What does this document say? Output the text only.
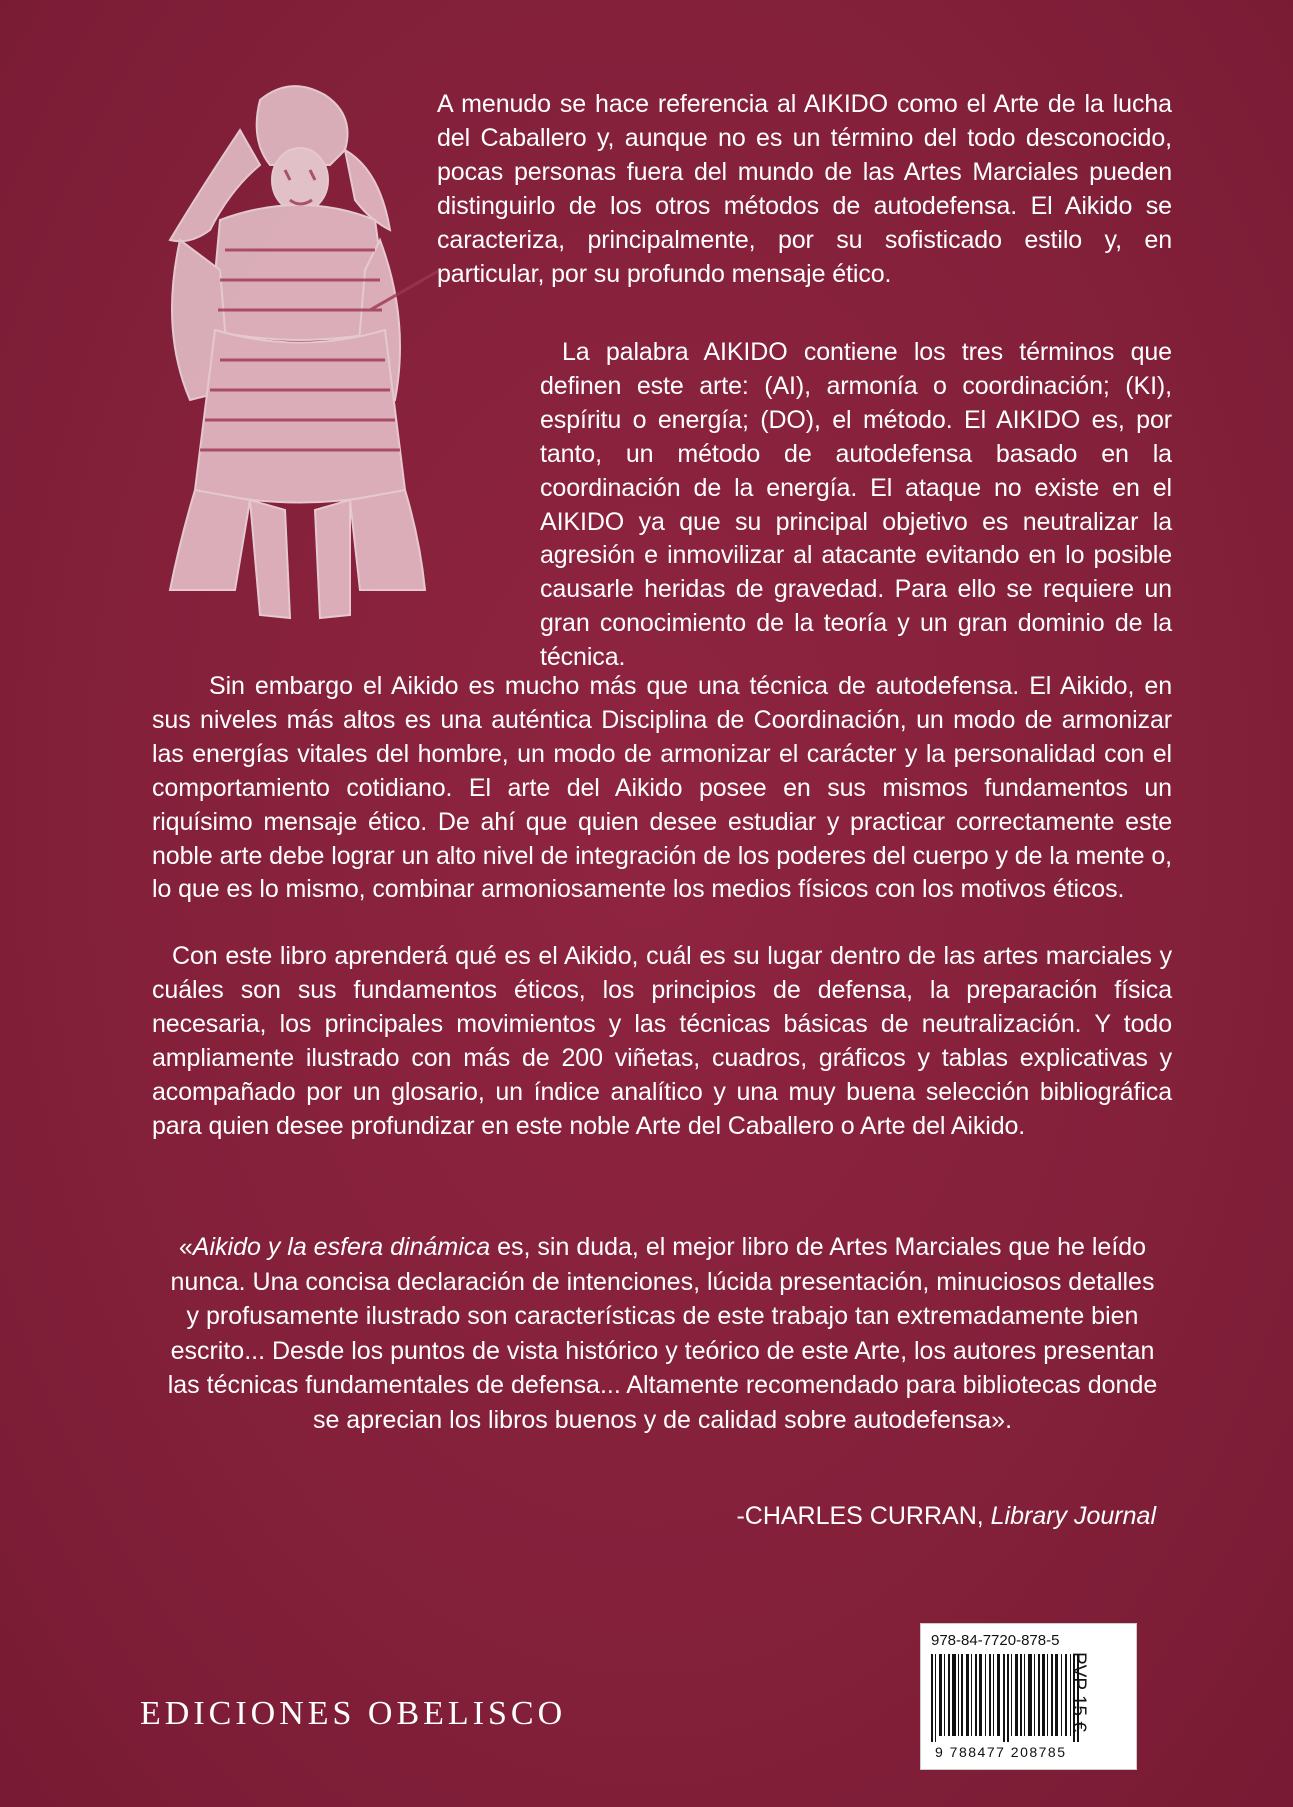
A menudo se hace referencia al AIKIDO como el Arte de la lucha del Caballero y, aunque no es un término del todo desconocido, pocas personas fuera del mundo de las Artes Marciales pueden distinguirlo de los otros métodos de autodefensa. El Aikido se caracteriza, principalmente, por su sofisticado estilo y, en particular, por su profundo mensaje ético.

La palabra AIKIDO contiene los tres términos que definen este arte: (AI), armonía o coordinación; (KI), espíritu o energía; (DO), el método. El AIKIDO es, por tanto, un método de autodefensa basado en la coordinación de la energía. El ataque no existe en el AIKIDO ya que su principal objetivo es neutralizar la agresión e inmovilizar al atacante evitando en lo posible causarle heridas de gravedad. Para ello se requiere un gran conocimiento de la teoría y un gran dominio de la técnica.

Sin embargo el Aikido es mucho más que una técnica de autodefensa. El Aikido, en sus niveles más altos es una auténtica Disciplina de Coordinación, un modo de armonizar las energías vitales del hombre, un modo de armonizar el carácter y la personalidad con el comportamiento cotidiano. El arte del Aikido posee en sus mismos fundamentos un riquísimo mensaje ético. De ahí que quien desee estudiar y practicar correctamente este noble arte debe lograr un alto nivel de integración de los poderes del cuerpo y de la mente o, lo que es lo mismo, combinar armoniosamente los medios físicos con los motivos éticos.

Con este libro aprenderá qué es el Aikido, cuál es su lugar dentro de las artes marciales y cuáles son sus fundamentos éticos, los principios de defensa, la preparación física necesaria, los principales movimientos y las técnicas básicas de neutralización. Y todo ampliamente ilustrado con más de 200 viñetas, cuadros, gráficos y tablas explicativas y acompañado por un glosario, un índice analítico y una muy buena selección bibliográfica para quien desee profundizar en este noble Arte del Caballero o Arte del Aikido.

«Aikido y la esfera dinámica es, sin duda, el mejor libro de Artes Marciales que he leído nunca. Una concisa declaración de intenciones, lúcida presentación, minuciosos detalles y profusamente ilustrado son características de este trabajo tan extremadamente bien escrito... Desde los puntos de vista histórico y teórico de este Arte, los autores presentan las técnicas fundamentales de defensa... Altamente recomendado para bibliotecas donde se aprecian los libros buenos y de calidad sobre autodefensa».
-CHARLES CURRAN, Library Journal
EDICIONES OBELISCO
978-84-7720-878-5
9 788477 208785
PVP 15 €
